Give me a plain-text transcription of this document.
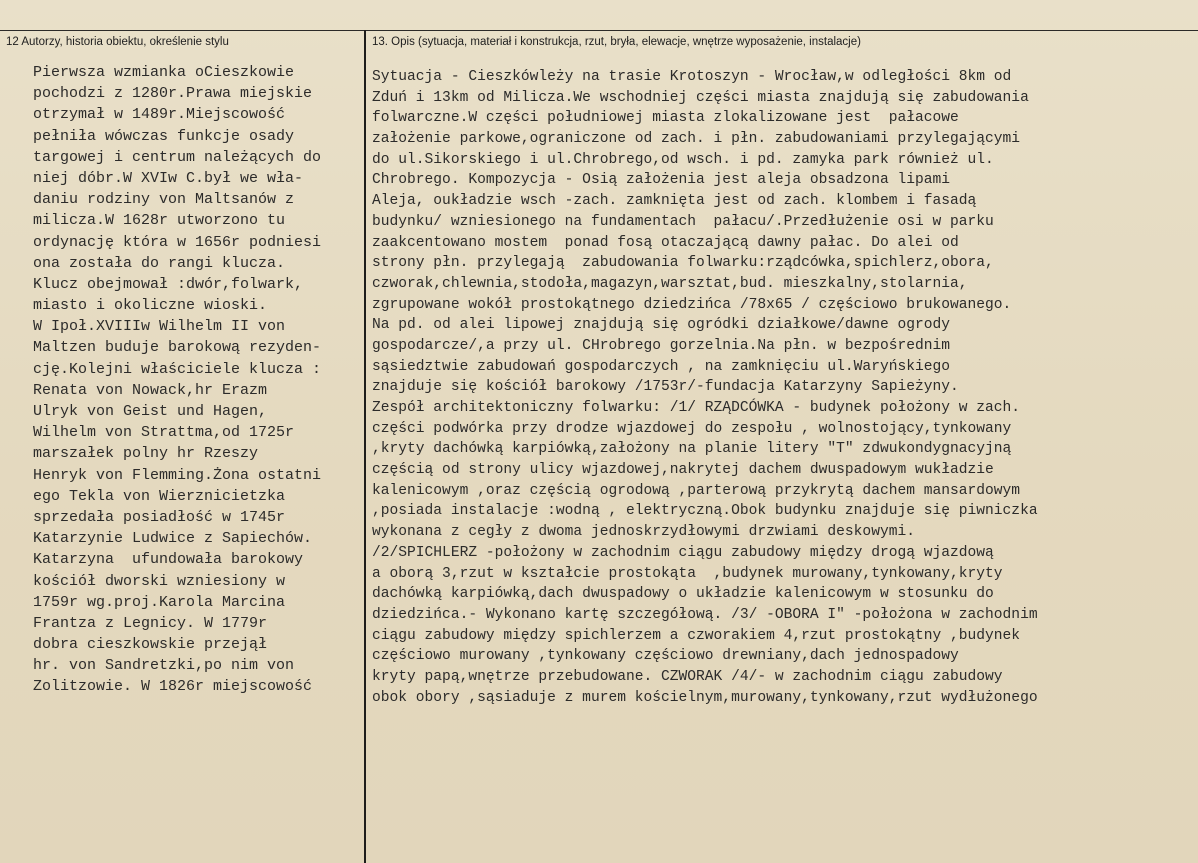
12 Autorzy, historia obiektu, określenie stylu	13. Opis (sytuacja, materiał i konstrukcja, rzut, bryła, elewacje, wnętrze wyposażenie, instalacje)
Pierwsza wzmianka oCieszkowie
pochodzi z 1280r.Prawa miejskie
otrzymał w 1489r.Miejscowość
pełniła wówczas funkcje osady
targowej i centrum należących do
niej dóbr.W XVIw C.był we wła-
daniu rodziny von Maltsanów z
milicza.W 1628r utworzono tu
ordynację która w 1656r podniesi
ona została do rangi klucza.
Klucz obejmował :dwór,folwark,
miasto i okoliczne wioski.
W Ipoł.XVIIIw Wilhelm II von
Maltzen buduje barokową rezyden-
cję.Kolejni właściciele klucza :
Renata von Nowack,hr Erazm
Ulryk von Geist und Hagen,
Wilhelm von Strattma,od 1725r
marszałek polny hr Rzeszy
Henryk von Flemming.Żona ostatni
ego Tekla von Wierznicietzka
sprzedała posiadłość w 1745r
Katarzynie Ludwice z Sapiechów.
Katarzyna  ufundowała barokowy
kościół dworski wzniesiony w
1759r wg.proj.Karola Marcina
Frantza z Legnicy. W 1779r
dobra cieszkowskie przejął
hr. von Sandretzki,po nim von
Zolitzowie. W 1826r miejscowość
Sytuacja - Cieszkówleży na trasie Krotoszyn - Wrocław,w odległości 8km od
Zduń i 13km od Milicza.We wschodniej części miasta znajdują się zabudowania
folwarczne.W części południowej miasta zlokalizowane jest  pałacowe
założenie parkowe,ograniczone od zach. i płn. zabudowaniami przylegającymi
do ul.Sikorskiego i ul.Chrobrego,od wsch. i pd. zamyka park również ul.
Chrobrego. Kompozycja - Osią założenia jest aleja obsadzona lipami
Aleja, oukładzie wsch -zach. zamknięta jest od zach. klombem i fasadą
budynku/ wzniesionego na fundamentach  pałacu/.Przedłużenie osi w parku
zaakcentowano mostem  ponad fosą otaczającą dawny pałac. Do alei od
strony płn. przylegają  zabudowania folwarku:rządcówka,spichlerz,obora,
czworak,chlewnia,stodoła,magazyn,warsztat,bud. mieszkalny,stolarnia,
zgrupowane wokół prostokątnego dziedzińca /78x65 / częściowo brukowanego.
Na pd. od alei lipowej znajdują się ogródki działkowe/dawne ogrody
gospodarcze/,a przy ul. CHrobrego gorzelnia.Na płn. w bezpośrednim
sąsiedztwie zabudowań gospodarczych , na zamknięciu ul.Waryńskiego
znajduje się kościół barokowy /1753r/-fundacja Katarzyny Sapieżyny.
Zespół architektoniczny folwarku: /1/ RZĄDCÓWKA - budynek położony w zach.
części podwórka przy drodze wjazdowej do zespołu , wolnostojący,tynkowany
,kryty dachówką karpiówką,założony na planie litery "T" zdwukondygnacyjną
częścią od strony ulicy wjazdowej,nakrytej dachem dwuspadowym wukładzie
kalenicowym ,oraz częścią ogrodową ,parterową przykrytą dachem mansardowym
,posiada instalacje :wodną , elektryczną.Obok budynku znajduje się piwniczka
wykonana z cegły z dwoma jednoskrzydłowymi drzwiami deskowymi.
/2/SPICHLERZ -położony w zachodnim ciągu zabudowy między drogą wjazdową
a oborą 3,rzut w kształcie prostokąta  ,budynek murowany,tynkowany,kryty
dachówką karpiówką,dach dwuspadowy o układzie kalenicowym w stosunku do
dziedzińca.- Wykonano kartę szczegółową. /3/ -OBORA I" -położona w zachodnim
ciągu zabudowy między spichlerzem a czworakiem 4,rzut prostokątny ,budynek
częściowo murowany ,tynkowany częściowo drewniany,dach jednospadowy
kryty papą,wnętrze przebudowane. CZWORAK /4/- w zachodnim ciągu zabudowy
obok obory ,sąsiaduje z murem kościelnym,murowany,tynkowany,rzut wydłużonego
